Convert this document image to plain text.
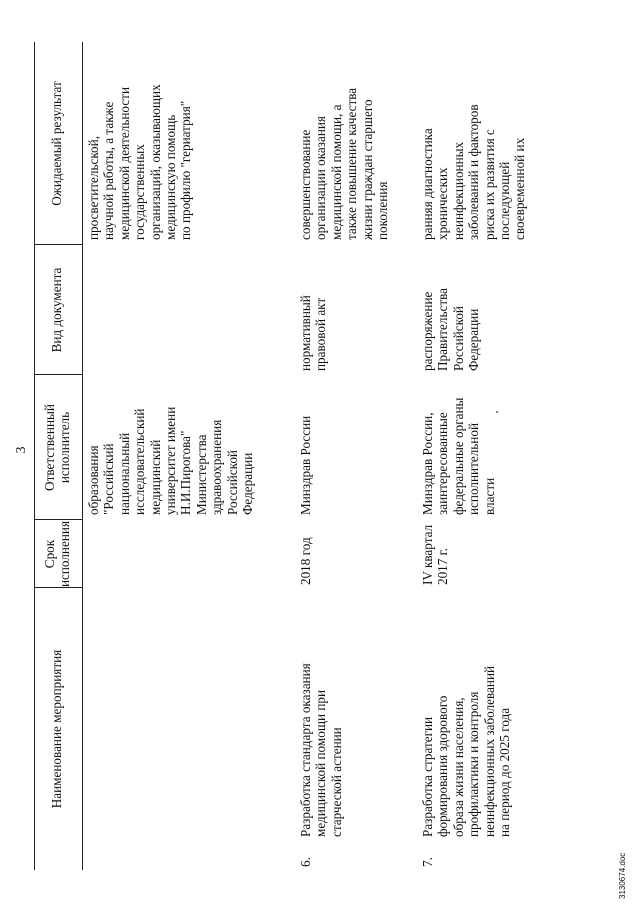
3
Наименование мероприятия
Срок
исполнения
Ответственный
исполнитель
Вид документа
Ожидаемый результат
образования
"Российский
национальный
исследовательский
медицинский
университет имени
Н.И.Пирогова"
Министерства
здравоохранения
Российской
Федерации
просветительской,
научной работы, а также
медицинской деятельности
государственных
организаций, оказывающих
медицинскую помощь
по профилю "гериатрия"
6.
Разработка стандарта оказания
медицинской помощи при
старческой астении
2018 год
Минздрав России
нормативный
правовой акт
совершенствование
организации оказания
медицинской помощи, а
также повышение качества
жизни граждан старшего
поколения
7.
Разработка стратегии
формирования здорового
образа жизни населения,
профилактики и контроля
неинфекционных заболеваний
на период до 2025 года
IV квартал
2017 г.
Минздрав России,
заинтересованные
федеральные органы
исполнительной
власти
распоряжение
Правительства
Российской
Федерации
ранняя диагностика
хронических
неинфекционных
заболеваний и факторов
риска их развития с
последующей
своевременной их
3130674.doc
